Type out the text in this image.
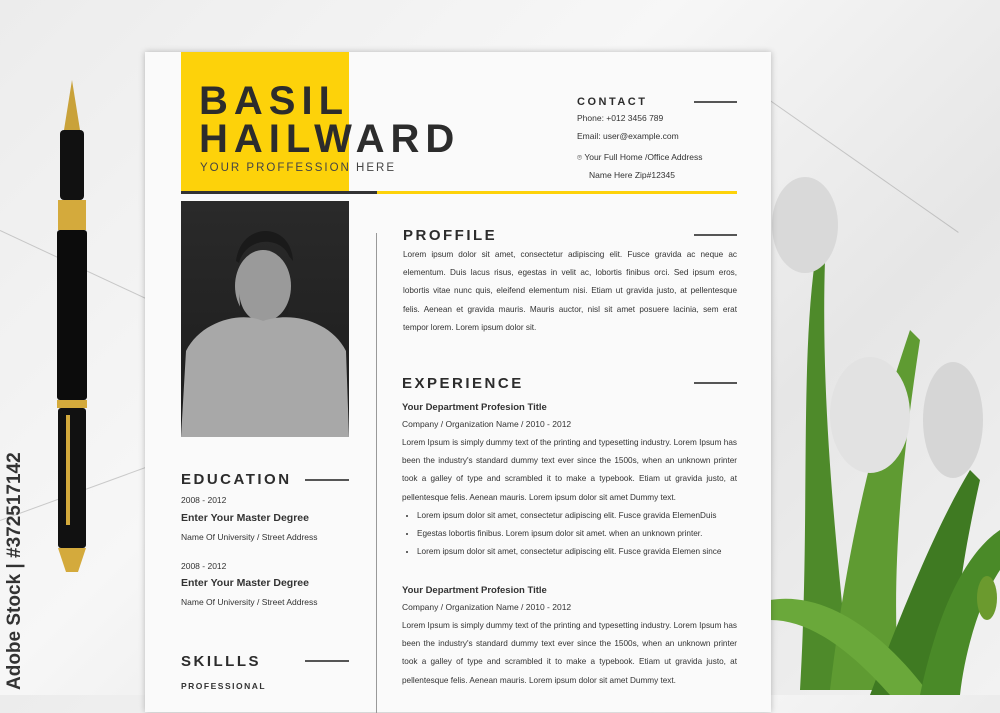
Adobe Stock | #372517142
BASIL
HAILWARD
YOUR PROFFESSION HERE
CONTACT
Phone: +012 3456 789
Email: user@example.com
⌾ Your Full Home /Office Address
Name Here Zip#12345
PROFFILE
Lorem ipsum dolor sit amet, consectetur adipiscing elit. Fusce gravida ac neque ac elementum. Duis lacus risus, egestas in velit ac, lobortis finibus orci. Sed ipsum eros, lobortis vitae nunc quis, eleifend elementum nisi. Etiam ut gravida justo, at pellentesque felis. Aenean et gravida mauris. Mauris auctor, nisl sit amet posuere lacinia, sem erat tempor lorem. Lorem ipsum dolor sit.
EXPERIENCE
Your Department Profesion Title
Company / Organization Name / 2010 - 2012
Lorem Ipsum is simply dummy text of the printing and typesetting industry. Lorem Ipsum has been the industry's standard dummy text ever since the 1500s, when an unknown printer took a galley of type and scrambled it to make a typebook. Etiam ut gravida justo, at pellentesque felis. Aenean mauris. Lorem ipsum dolor sit amet Dummy text.
• Lorem ipsum dolor sit amet, consectetur adipiscing elit. Fusce gravida ElemenDuis
• Egestas lobortis finibus. Lorem ipsum dolor sit amet. when an unknown printer.
• Lorem ipsum dolor sit amet, consectetur adipiscing elit. Fusce gravida Elemen since
Your Department Profesion Title
Company / Organization Name / 2010 - 2012
Lorem Ipsum is simply dummy text of the printing and typesetting industry. Lorem Ipsum has been the industry's standard dummy text ever since the 1500s, when an unknown printer took a galley of type and scrambled it to make a typebook. Etiam ut gravida justo, at pellentesque felis. Aenean mauris. Lorem ipsum dolor sit amet Dummy text.
EDUCATION
2008 - 2012
Enter Your Master Degree
Name Of University / Street Address
2008 - 2012
Enter Your Master Degree
Name Of University / Street Address
SKILLLS
PROFESSIONAL
